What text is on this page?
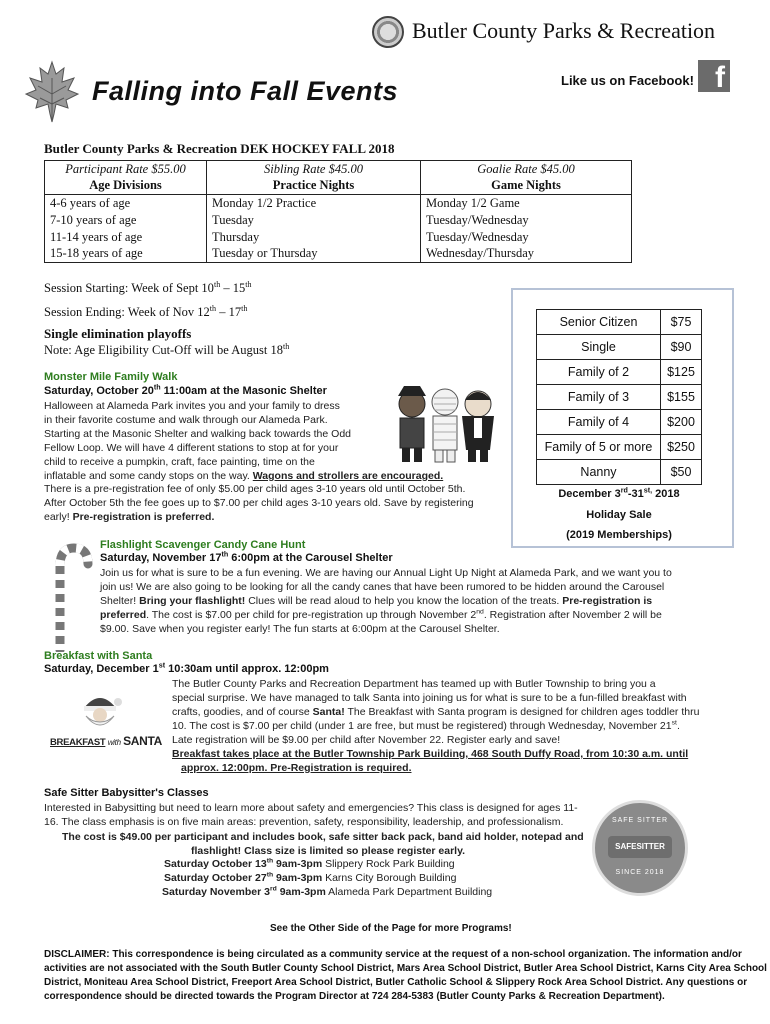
Butler County Parks & Recreation
Falling into Fall Events	Like us on Facebook! f
Butler County Parks & Recreation DEK HOCKEY FALL 2018
Participant Rate $55.00	Sibling Rate $45.00	Goalie Rate $45.00
Age Divisions	Practice Nights	Game Nights
4-6 years of age	Monday 1/2 Practice	Monday 1/2 Game
7-10 years of age	Tuesday	Tuesday/Wednesday
11-14 years of age	Thursday	Tuesday/Wednesday
15-18 years of age	Tuesday or Thursday	Wednesday/Thursday
Session Starting: Week of Sept 10th – 15th
Session Ending: Week of Nov 12th – 17th
Single elimination playoffs
Note: Age Eligibility Cut-Off will be August 18th
Senior Citizen	$75
Single	$90
Family of 2	$125
Family of 3	$155
Family of 4	$200
Family of 5 or more	$250
Nanny	$50
December $3rd-31^{st,}$ 2018
Holiday Sale
(2019 Memberships)
Monster Mile Family Walk
Saturday, October 20th 11:00am at the Masonic Shelter
Halloween at Alameda Park invites you and your family to dress
in their favorite costume and walk through our Alameda Park.
Starting at the Masonic Shelter and walking back towards the Odd
Fellow Loop. We will have 4 different stations to stop at for your
child to receive a pumpkin, craft, face painting, time on the
inflatable and some candy stops on the way. Wagons and strollers are encouraged.
There is a pre-registration fee of only $5.00 per child ages 3-10 years old until October 5th.
After October 5th the fee goes up to $7.00 per child ages 3-10 years old. Save by registering
early! Pre-registration is preferred.
Flashlight Scavenger Candy Cane Hunt
Saturday, November 17th 6:00pm at the Carousel Shelter
Join us for what is sure to be a fun evening. We are having our Annual Light Up Night at Alameda Park, and we want you to
join us! We are also going to be looking for all the candy canes that have been rumored to be hidden around the Carousel
Shelter! Bring your flashlight! Clues will be read aloud to help you know the location of the treats. Pre-registration is
preferred. The cost is $7.00 per child for pre-registration up through November 2nd. Registration after November 2 will be
$9.00. Save when you register early! The fun starts at 6:00pm at the Carousel Shelter.
Breakfast with Santa
Saturday, December 1st 10:30am until approx. 12:00pm
BREAKFAST with SANTA
The Butler County Parks and Recreation Department has teamed up with Butler Township to bring you a
special surprise. We have managed to talk Santa into joining us for what is sure to be a fun-filled breakfast with
crafts, goodies, and of course Santa! The Breakfast with Santa program is designed for children ages toddler thru
10. The cost is $7.00 per child (under 1 are free, but must be registered) through Wednesday, November 21st.
Late registration will be $9.00 per child after November 22. Register early and save!
Breakfast takes place at the Butler Township Park Building, 468 South Duffy Road, from 10:30 a.m. until
approx. 12:00pm. Pre-Registration is required.
Safe Sitter Babysitter's Classes
Interested in Babysitting but need to learn more about safety and emergencies? This class is designed for ages 11-
16. The class emphasis is on five main areas: prevention, safety, responsibility, leadership, and professionalism.
The cost is $49.00 per participant and includes book, safe sitter back pack, band aid holder, notepad and
flashlight! Class size is limited so please register early.
Saturday October 13th 9am-3pm Slippery Rock Park Building
Saturday October 27th 9am-3pm Karns City Borough Building
Saturday November 3rd 9am-3pm Alameda Park Department Building
SAFE SITTER
SAFESITTER
SINCE 2018
See the Other Side of the Page for more Programs!
DISCLAIMER: This correspondence is being circulated as a community service at the request of a non-school organization. The information and/or
activities are not associated with the South Butler County School District, Mars Area School District, Butler Area School District, Karns City Area School
District, Moniteau Area School District, Freeport Area School District, Butler Catholic School & Slippery Rock Area School District. Any questions or
correspondence should be directed towards the Program Director at 724 284-5383 (Butler County Parks & Recreation Department).
